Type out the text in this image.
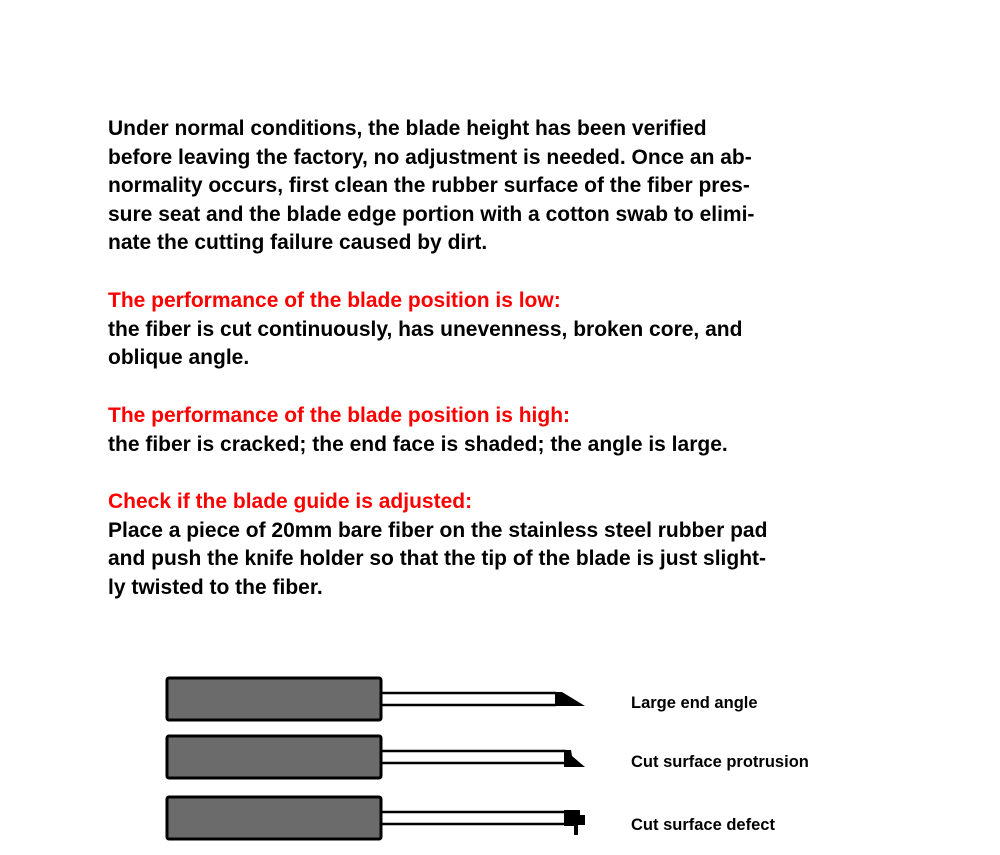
Under normal conditions, the blade height has been verified
before leaving the factory, no adjustment is needed. Once an ab-
normality occurs, first clean the rubber surface of the fiber pres-
sure seat and the blade edge portion with a cotton swab to elimi-
nate the cutting failure caused by dirt.

The performance of the blade position is low:

the fiber is cut continuously, has unevenness, broken core, and
oblique angle.

The performance of the blade position is high:

the fiber is cracked; the end face is shaded; the angle is large.

Check if the blade guide is adjusted:

Place a piece of 20mm bare fiber on the stainless steel rubber pad
and push the knife holder so that the tip of the blade is just slight-
ly twisted to the fiber.

Large end angle
Cut surface protrusion
Cut surface defect
